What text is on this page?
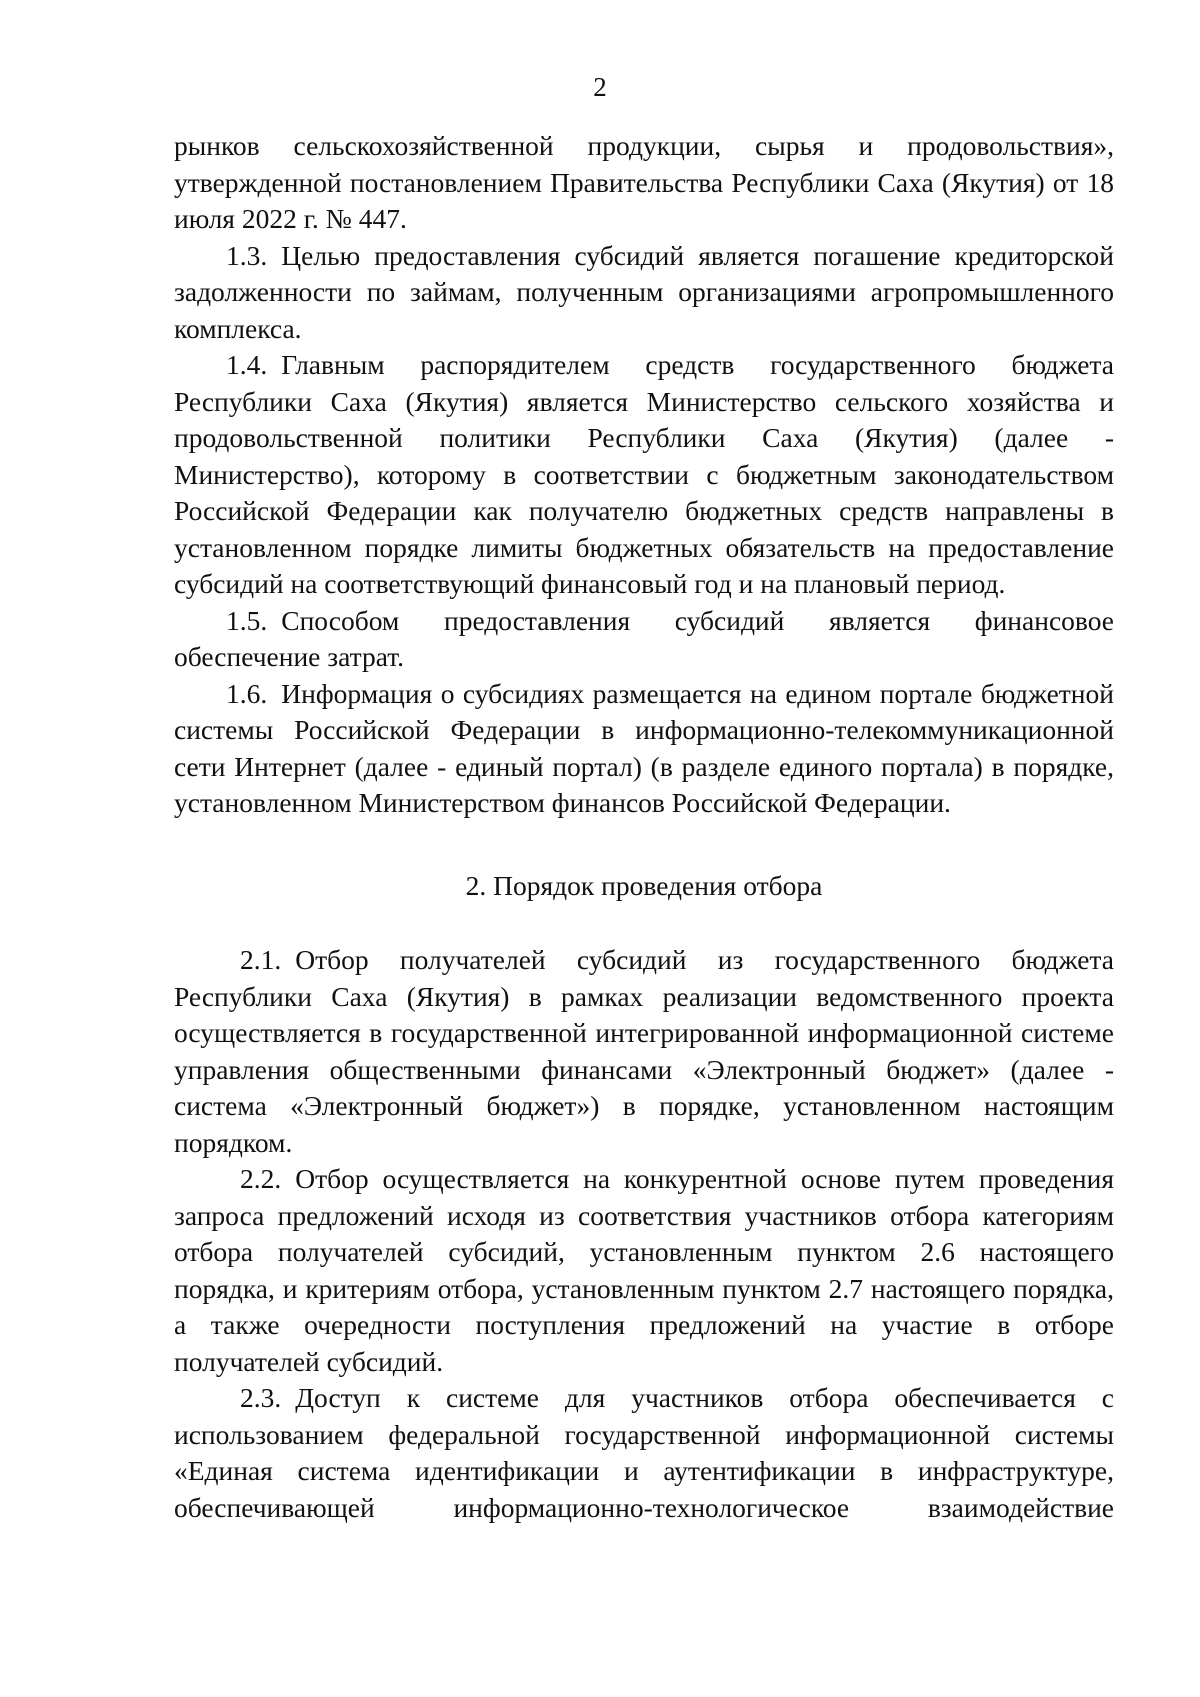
2

рынков сельскохозяйственной продукции, сырья и продовольствия», утвержденной постановлением Правительства Республики Саха (Якутия) от 18 июля 2022 г. № 447.

1.3. Целью предоставления субсидий является погашение кредиторской задолженности по займам, полученным организациями агропромышленного комплекса.

1.4. Главным распорядителем средств государственного бюджета Республики Саха (Якутия) является Министерство сельского хозяйства и продовольственной политики Республики Саха (Якутия) (далее - Министерство), которому в соответствии с бюджетным законодательством Российской Федерации как получателю бюджетных средств направлены в установленном порядке лимиты бюджетных обязательств на предоставление субсидий на соответствующий финансовый год и на плановый период.

1.5. Способом предоставления субсидий является финансовое обеспечение затрат.

1.6. Информация о субсидиях размещается на едином портале бюджетной системы Российской Федерации в информационно-телекоммуникационной сети Интернет (далее - единый портал) (в разделе единого портала) в порядке, установленном Министерством финансов Российской Федерации.

2. Порядок проведения отбора

2.1. Отбор получателей субсидий из государственного бюджета Республики Саха (Якутия) в рамках реализации ведомственного проекта осуществляется в государственной интегрированной информационной системе управления общественными финансами «Электронный бюджет» (далее - система «Электронный бюджет») в порядке, установленном настоящим порядком.

2.2. Отбор осуществляется на конкурентной основе путем проведения запроса предложений исходя из соответствия участников отбора категориям отбора получателей субсидий, установленным пунктом 2.6 настоящего порядка, и критериям отбора, установленным пунктом 2.7 настоящего порядка, а также очередности поступления предложений на участие в отборе получателей субсидий.

2.3. Доступ к системе для участников отбора обеспечивается с использованием федеральной государственной информационной системы «Единая система идентификации и аутентификации в инфраструктуре, обеспечивающей информационно-технологическое взаимодействие
